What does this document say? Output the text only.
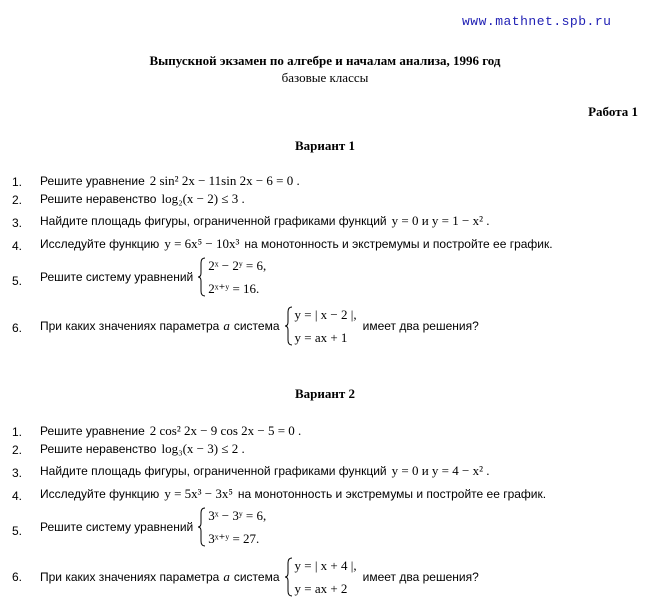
www.mathnet.spb.ru
Выпускной экзамен по алгебре и началам анализа, 1996 год
базовые классы
Работа 1
Вариант 1
1. Решите уравнение 2 sin² 2x − 11sin 2x − 6 = 0 .
2. Решите неравенство log₂(x − 2) ≤ 3 .
3. Найдите площадь фигуры, ограниченной графиками функций y = 0 и y = 1 − x² .
4. Исследуйте функцию y = 6x⁵ − 10x³ на монотонность и экстремумы и постройте ее график.
5. Решите систему уравнений
2ˣ − 2ʸ = 6,
2ˣ⁺ʸ = 16.
6. При каких значениях параметра a система
y = | x − 2 |,
y = ax + 1
имеет два решения?
Вариант 2
1. Решите уравнение 2 cos² 2x − 9 cos 2x − 5 = 0 .
2. Решите неравенство log₃(x − 3) ≤ 2 .
3. Найдите площадь фигуры, ограниченной графиками функций y = 0 и y = 4 − x² .
4. Исследуйте функцию y = 5x³ − 3x⁵ на монотонность и экстремумы и постройте ее график.
5. Решите систему уравнений
3ˣ − 3ʸ = 6,
3ˣ⁺ʸ = 27.
6. При каких значениях параметра a система
y = | x + 4 |,
y = ax + 2
имеет два решения?
